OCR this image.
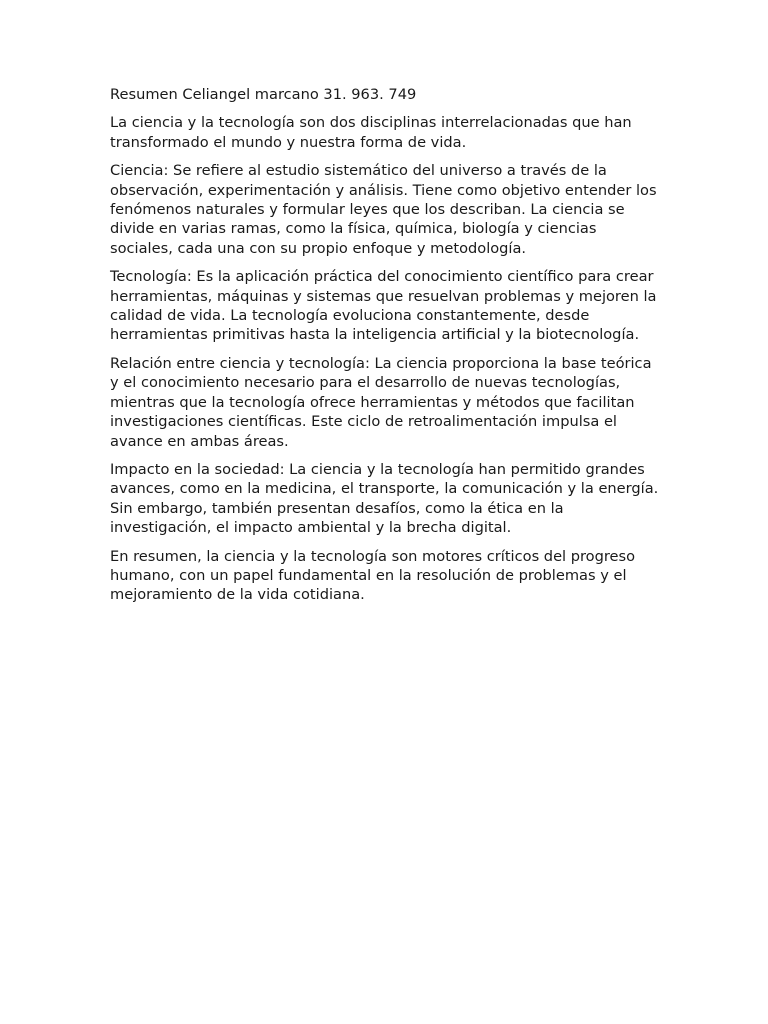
Resumen Celiangel marcano 31. 963. 749

La ciencia y la tecnología son dos disciplinas interrelacionadas que han transformado el mundo y nuestra forma de vida.

Ciencia: Se refiere al estudio sistemático del universo a través de la observación, experimentación y análisis. Tiene como objetivo entender los fenómenos naturales y formular leyes que los describan. La ciencia se divide en varias ramas, como la física, química, biología y ciencias sociales, cada una con su propio enfoque y metodología.

Tecnología: Es la aplicación práctica del conocimiento científico para crear herramientas, máquinas y sistemas que resuelvan problemas y mejoren la calidad de vida. La tecnología evoluciona constantemente, desde herramientas primitivas hasta la inteligencia artificial y la biotecnología.

Relación entre ciencia y tecnología: La ciencia proporciona la base teórica y el conocimiento necesario para el desarrollo de nuevas tecnologías, mientras que la tecnología ofrece herramientas y métodos que facilitan investigaciones científicas. Este ciclo de retroalimentación impulsa el avance en ambas áreas.

Impacto en la sociedad: La ciencia y la tecnología han permitido grandes avances, como en la medicina, el transporte, la comunicación y la energía. Sin embargo, también presentan desafíos, como la ética en la investigación, el impacto ambiental y la brecha digital.

En resumen, la ciencia y la tecnología son motores críticos del progreso humano, con un papel fundamental en la resolución de problemas y el mejoramiento de la vida cotidiana.
